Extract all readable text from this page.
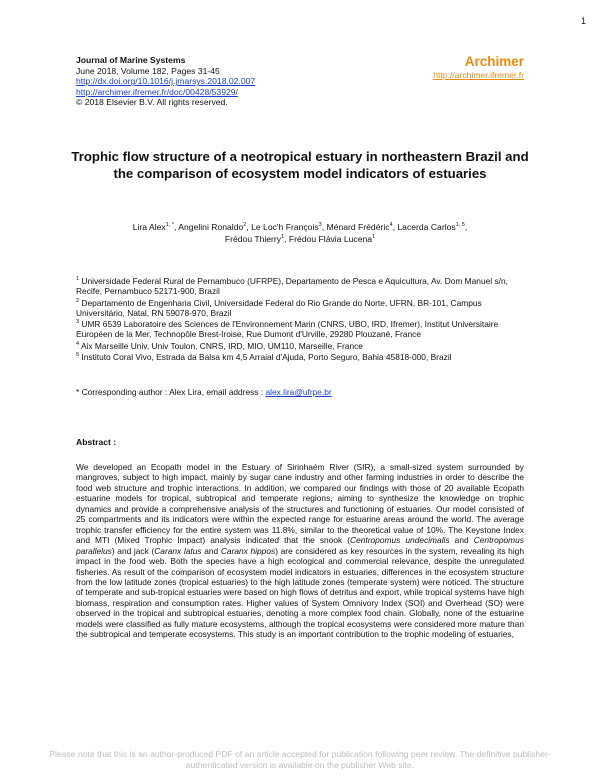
1
Journal of Marine Systems
June 2018, Volume 182, Pages 31-45
http://dx.doi.org/10.1016/j.jmarsys.2018.02.007
http://archimer.ifremer.fr/doc/00428/53929/
© 2018 Elsevier B.V. All rights reserved.
Archimer
http://archimer.ifremer.fr
Trophic flow structure of a neotropical estuary in northeastern Brazil and the comparison of ecosystem model indicators of estuaries
Lira Alex$^{1, *}$, Angelini Ronaldo$^2$, Le Loc'h François$^3$, Ménard Frédéric$^4$, Lacerda Carlos$^{1, 5}$,
Frédou Thierry$^1$, Frédou Flávia Lucena$^1$
$^1$ Universidade Federal Rural de Pernambuco (UFRPE), Departamento de Pesca e Aquicultura, Av. Dom Manuel s/n, Recife, Pernambuco 52171-900, Brazil
$^2$ Departamento de Engenharia Civil, Universidade Federal do Rio Grande do Norte, UFRN, BR-101, Campus Universitário, Natal, RN 59078-970, Brazil
$^3$ UMR 6539 Laboratoire des Sciences de l'Environnement Marin (CNRS, UBO, IRD, Ifremer), Institut Universitaire Européen de la Mer, Technopôle Brest-Iroise, Rue Dumont d'Urville, 29280 Plouzané, France
$^4$ Aix Marseille Univ, Univ Toulon, CNRS, IRD, MIO, UM110, Marseille, France
$^5$ Instituto Coral Vivo, Estrada da Balsa km 4,5 Arraial d'Ajuda, Porto Seguro, Bahia 45818-000, Brazil
* Corresponding author : Alex Lira, email address : alex.lira@ufrpe.br
Abstract :
We developed an Ecopath model in the Estuary of Sirinhaém River (SIR), a small-sized system surrounded by mangroves, subject to high impact, mainly by sugar cane industry and other farming industries in order to describe the food web structure and trophic interactions. In addition, we compared our findings with those of 20 available Ecopath estuarine models for tropical, subtropical and temperate regions, aiming to synthesize the knowledge on trophic dynamics and provide a comprehensive analysis of the structures and functioning of estuaries. Our model consisted of 25 compartments and its indicators were within the expected range for estuarine areas around the world. The average trophic transfer efficiency for the entire system was 11.8%, similar to the theoretical value of 10%. The Keystone Index and MTI (Mixed Trophic Impact) analysis indicated that the snook (Centropomus undecimalis and Centropomus parallelus) and jack (Caranx latus and Caranx hippos) are considered as key resources in the system, revealing its high impact in the food web. Both the species have a high ecological and commercial relevance, despite the unregulated fisheries. As result of the comparison of ecosystem model indicators in estuaries, differences in the ecosystem structure from the low latitude zones (tropical estuaries) to the high latitude zones (temperate system) were noticed. The structure of temperate and sub-tropical estuaries were based on high flows of detritus and export, while tropical systems have high biomass, respiration and consumption rates. Higher values of System Omnivory Index (SOI) and Overhead (SO) were observed in the tropical and subtropical estuaries, denoting a more complex food chain. Globally, none of the estuarine models were classified as fully mature ecosystems, although the tropical ecosystems were considered more mature than the subtropical and temperate ecosystems. This study is an important contribution to the trophic modeling of estuaries,
Please note that this is an author-produced PDF of an article accepted for publication following peer review. The definitive publisher-authenticated version is available on the publisher Web site.
